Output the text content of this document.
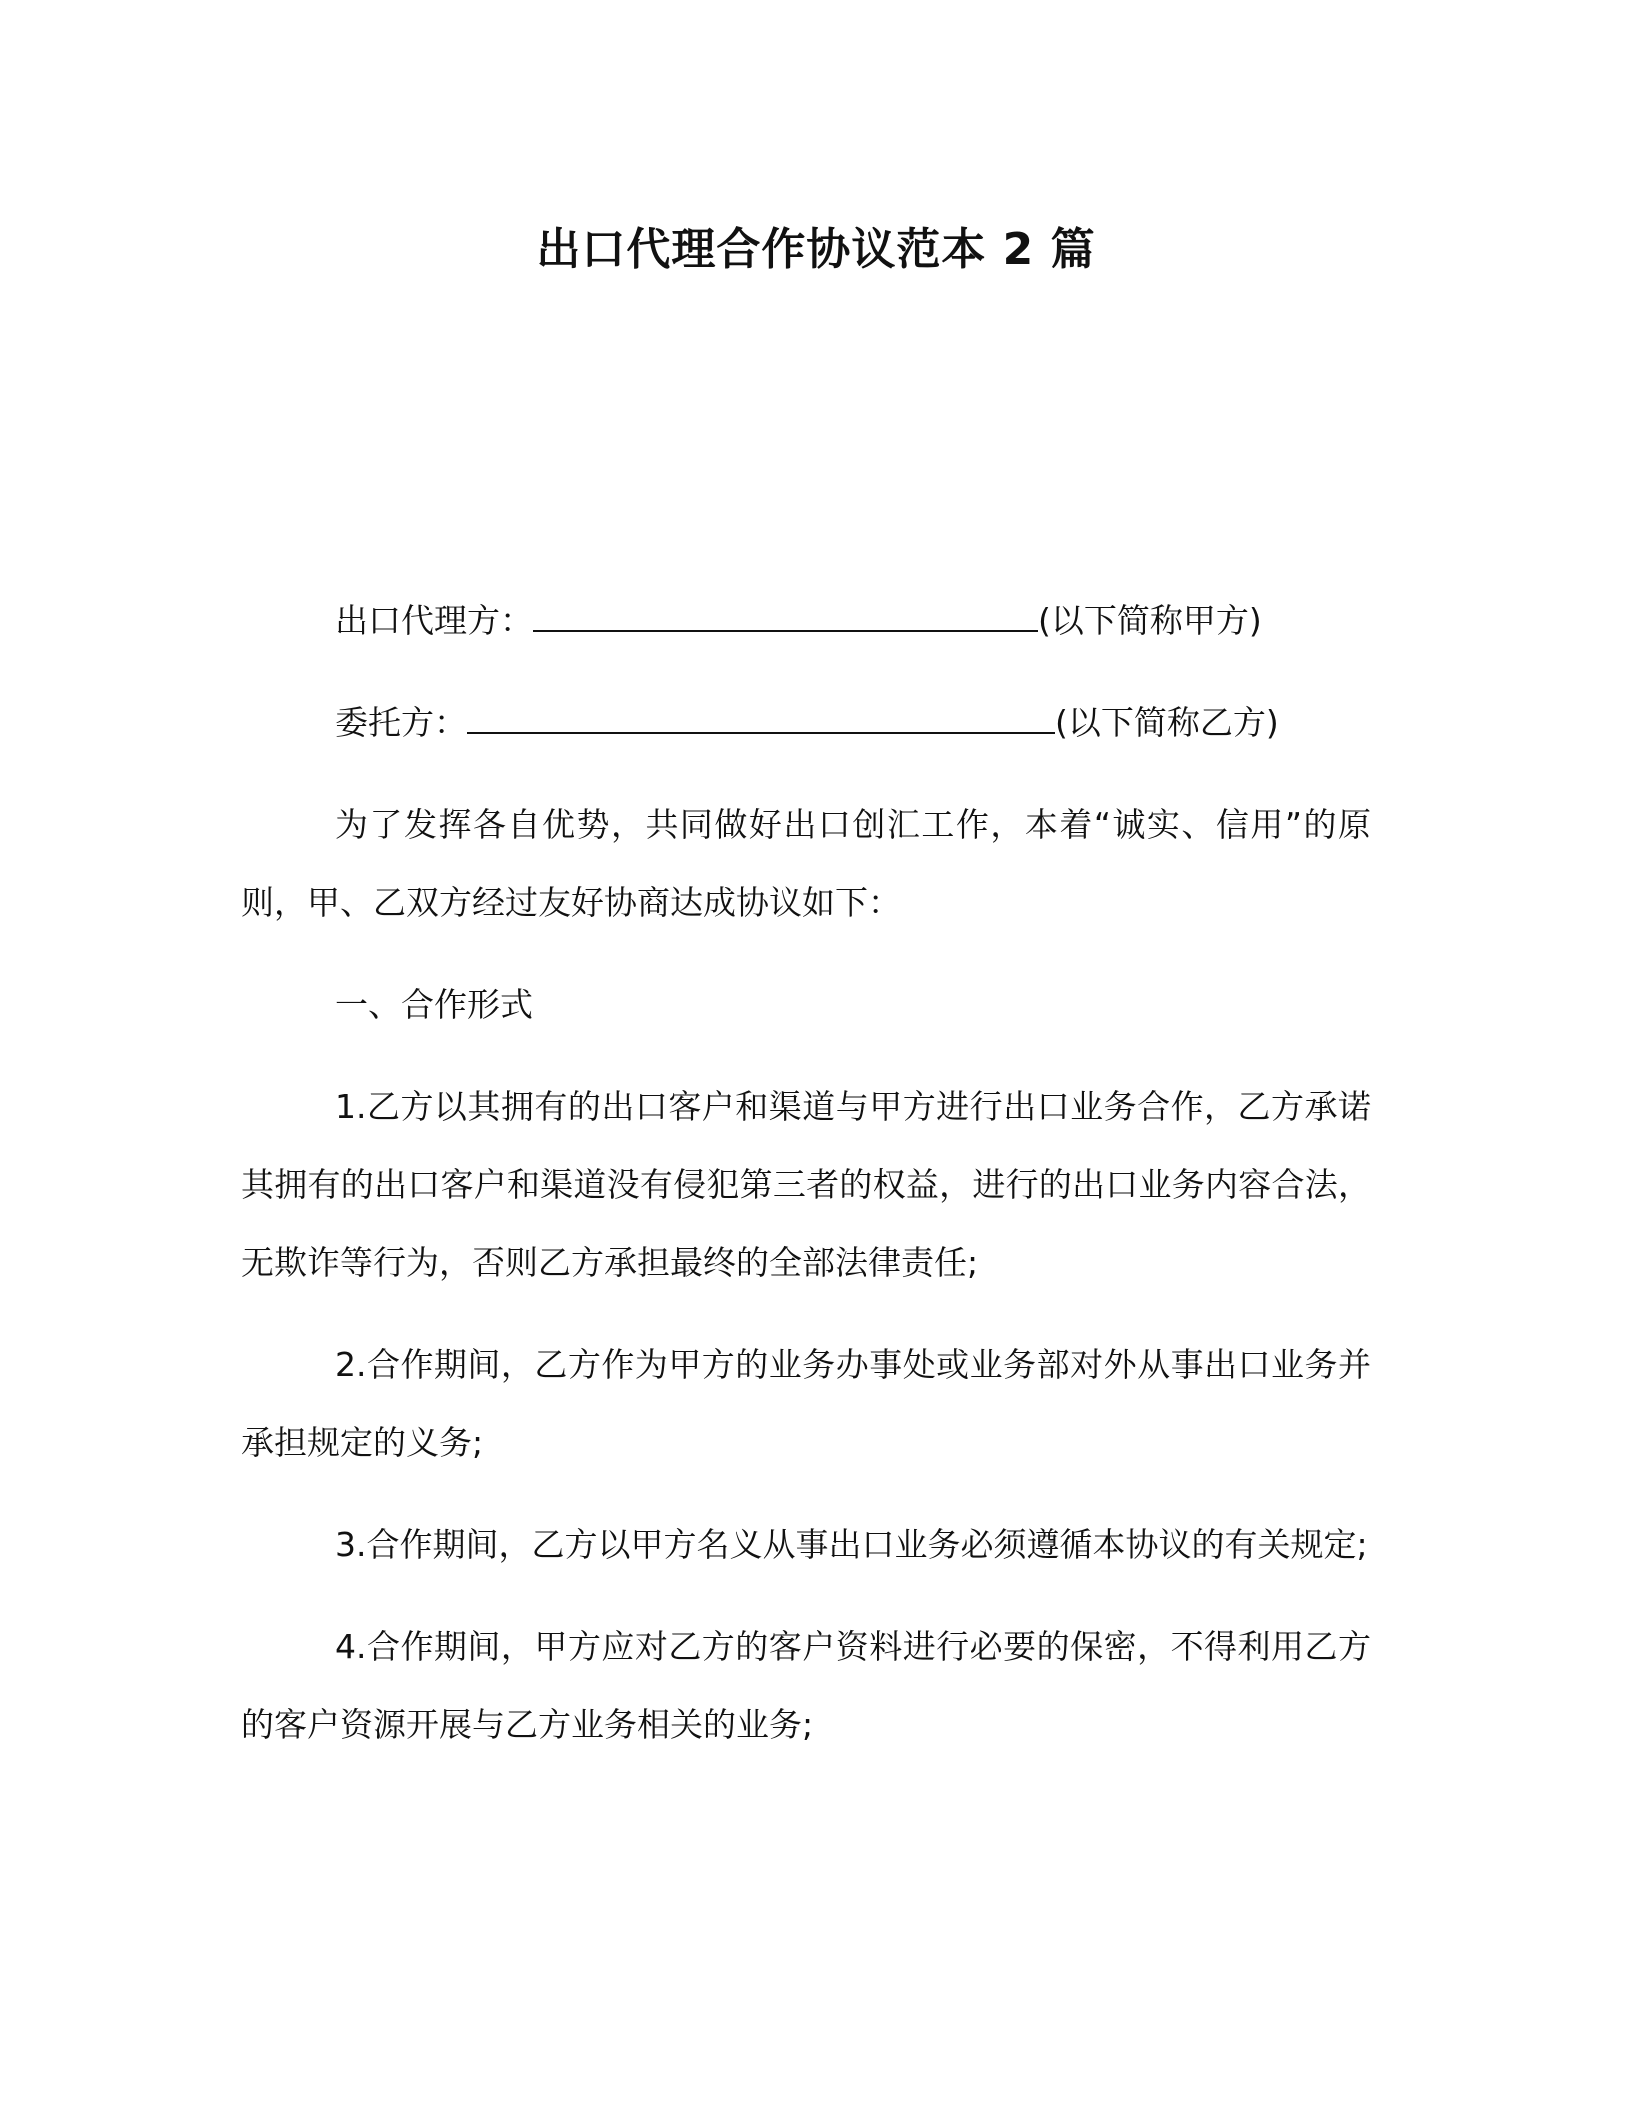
出口代理合作协议范本 2 篇

出口代理方：	(以下简称甲方)

委托方：	(以下简称乙方)

为了发挥各自优势，共同做好出口创汇工作，本着“诚实、信用”的原则，甲、乙双方经过友好协商达成协议如下：

一、合作形式

1.乙方以其拥有的出口客户和渠道与甲方进行出口业务合作，乙方承诺其拥有的出口客户和渠道没有侵犯第三者的权益，进行的出口业务内容合法，无欺诈等行为，否则乙方承担最终的全部法律责任;

2.合作期间，乙方作为甲方的业务办事处或业务部对外从事出口业务并承担规定的义务;

3.合作期间，乙方以甲方名义从事出口业务必须遵循本协议的有关规定;

4.合作期间，甲方应对乙方的客户资料进行必要的保密，不得利用乙方的客户资源开展与乙方业务相关的业务;
